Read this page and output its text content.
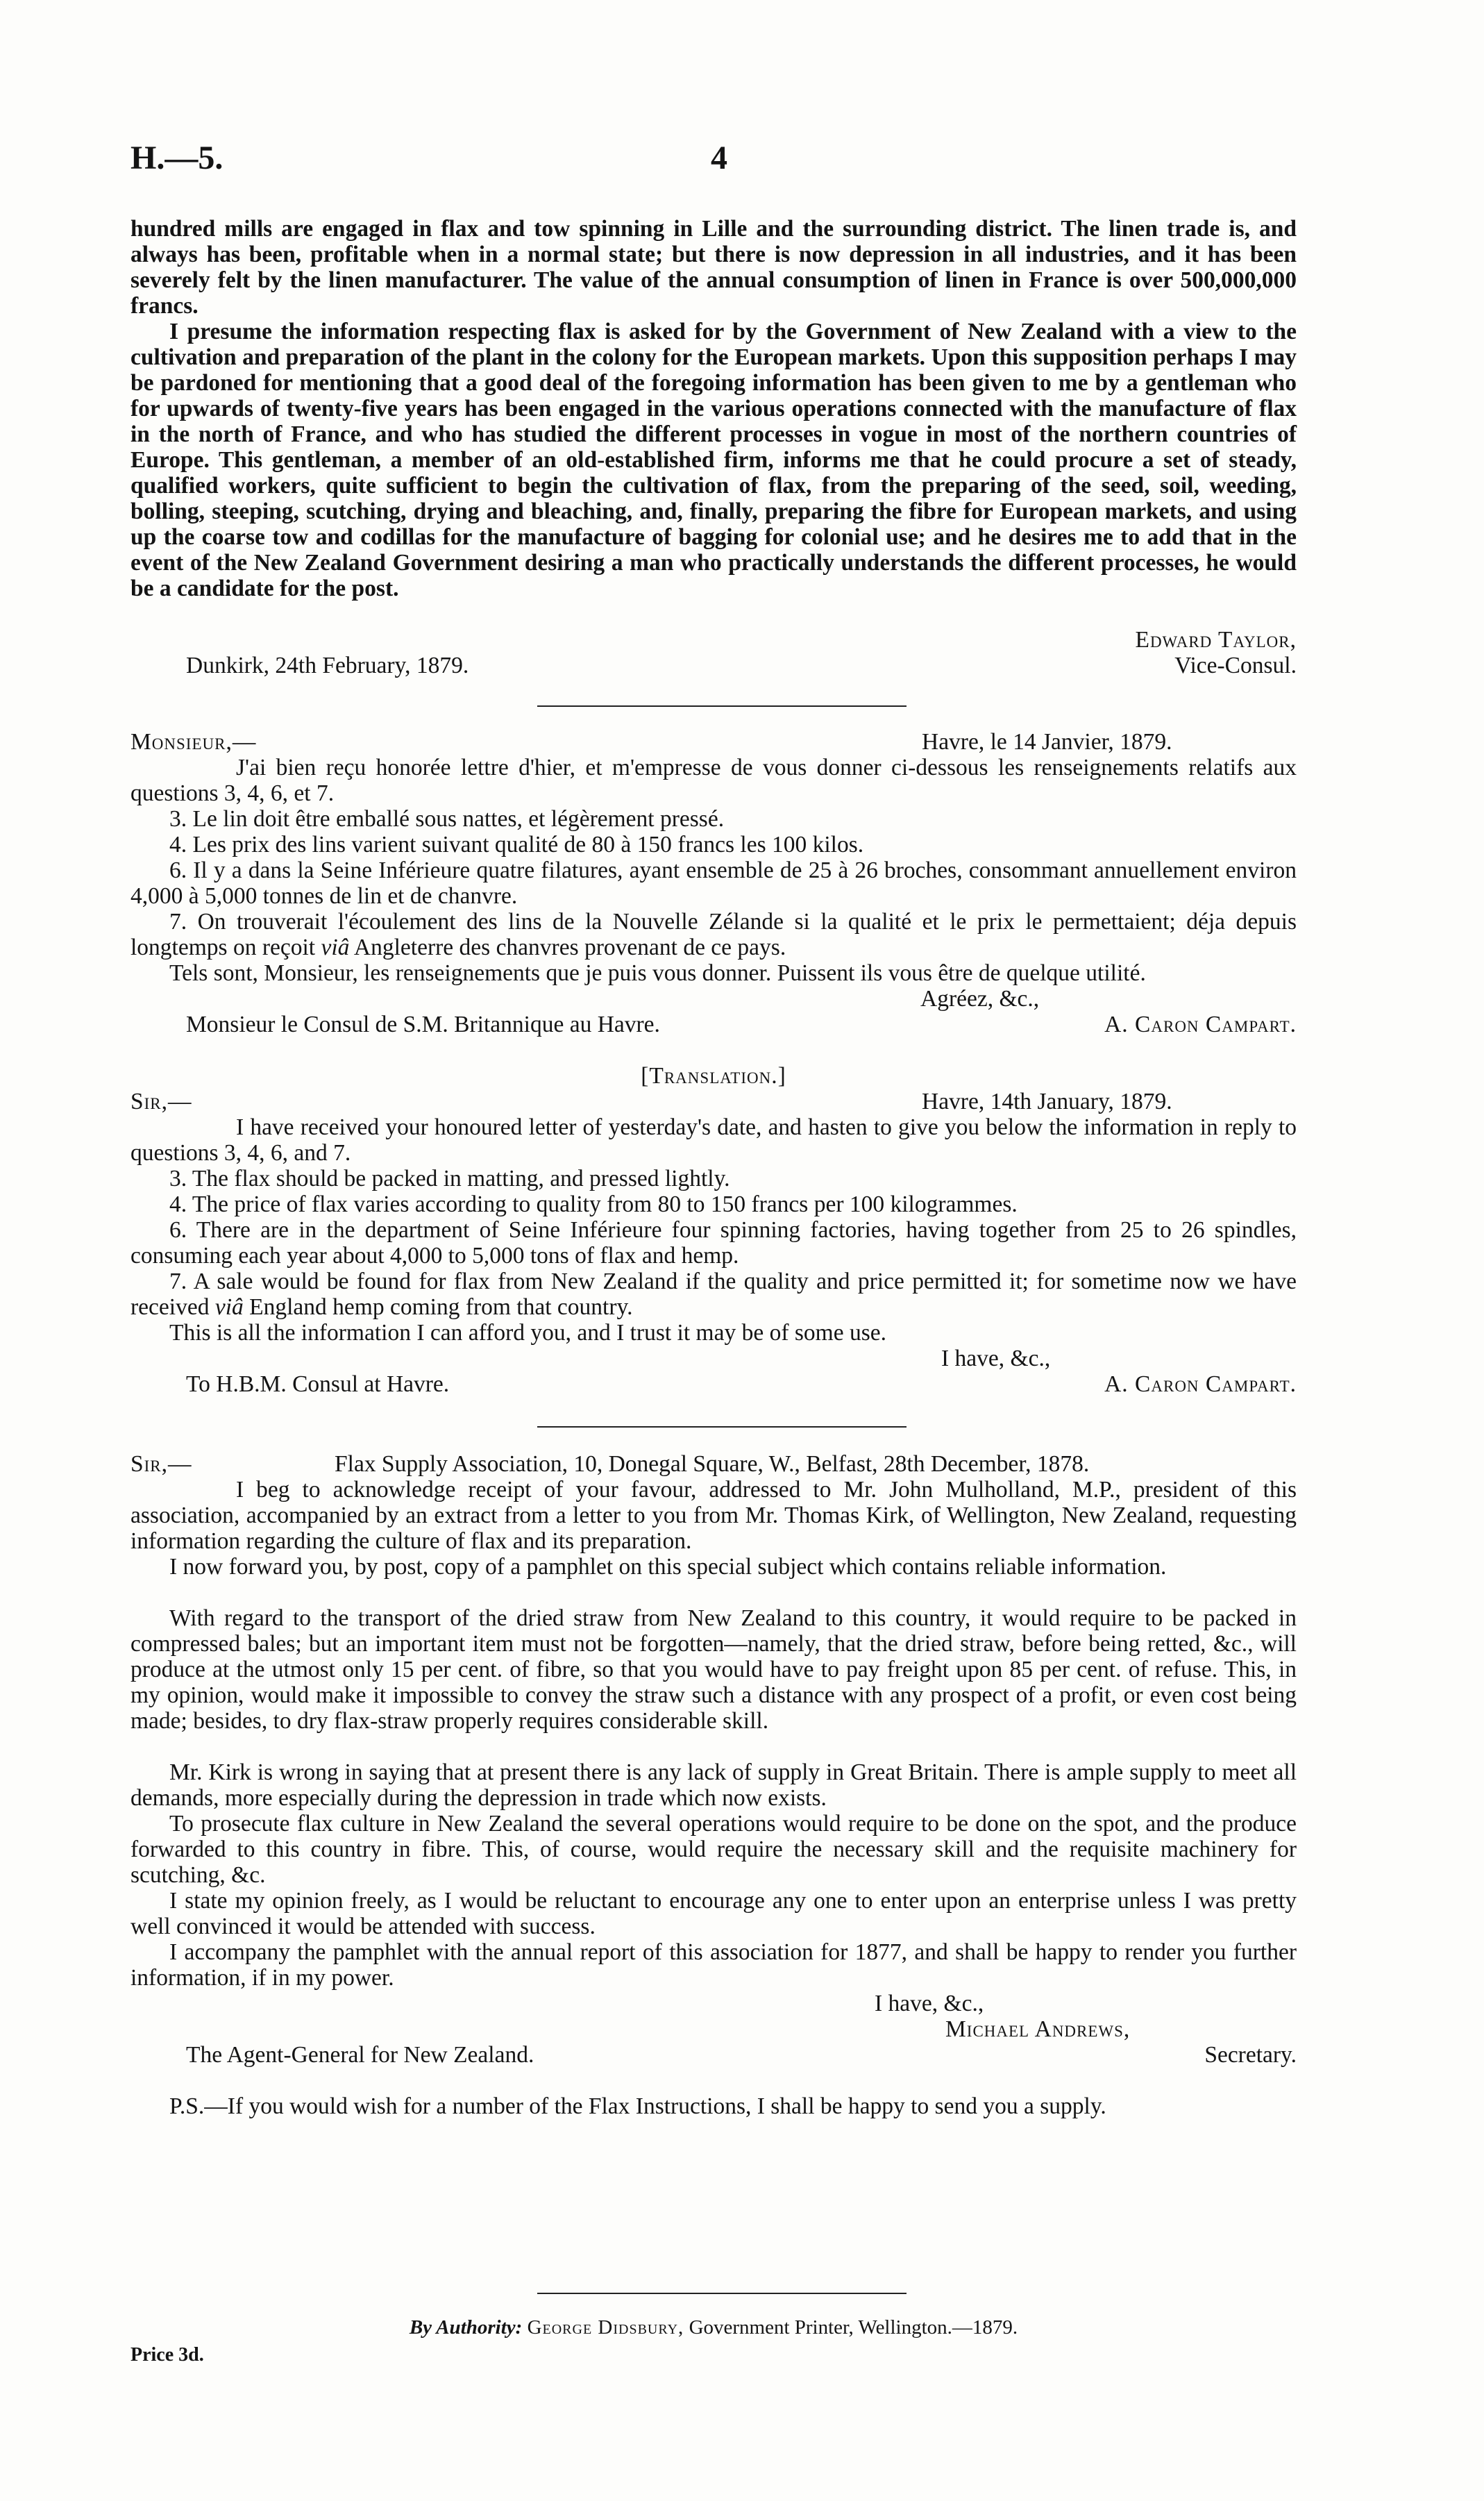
H.—5.	4
hundred mills are engaged in flax and tow spinning in Lille and the surrounding district. The linen trade is, and always has been, profitable when in a normal state; but there is now depression in all industries, and it has been severely felt by the linen manufacturer. The value of the annual consumption of linen in France is over 500,000,000 francs.
I presume the information respecting flax is asked for by the Government of New Zealand with a view to the cultivation and preparation of the plant in the colony for the European markets. Upon this supposition perhaps I may be pardoned for mentioning that a good deal of the foregoing information has been given to me by a gentleman who for upwards of twenty-five years has been engaged in the various operations connected with the manufacture of flax in the north of France, and who has studied the different processes in vogue in most of the northern countries of Europe. This gentleman, a member of an old-established firm, informs me that he could procure a set of steady, qualified workers, quite sufficient to begin the cultivation of flax, from the preparing of the seed, soil, weeding, bolling, steeping, scutching, drying and bleaching, and, finally, preparing the fibre for European markets, and using up the coarse tow and codillas for the manufacture of bagging for colonial use; and he desires me to add that in the event of the New Zealand Government desiring a man who practically understands the different processes, he would be a candidate for the post.
Edward Taylor,
Dunkirk, 24th February, 1879.	Vice-Consul.
Monsieur,—	Havre, le 14 Janvier, 1879.
J'ai bien reçu honorée lettre d'hier, et m'empresse de vous donner ci-dessous les renseignements relatifs aux questions 3, 4, 6, et 7.
3. Le lin doit être emballé sous nattes, et légèrement pressé.
4. Les prix des lins varient suivant qualité de 80 à 150 francs les 100 kilos.
6. Il y a dans la Seine Inférieure quatre filatures, ayant ensemble de 25 à 26 broches, consommant annuellement environ 4,000 à 5,000 tonnes de lin et de chanvre.
7. On trouverait l'écoulement des lins de la Nouvelle Zélande si la qualité et le prix le permettaient; déja depuis longtemps on reçoit viâ Angleterre des chanvres provenant de ce pays.
Tels sont, Monsieur, les renseignements que je puis vous donner. Puissent ils vous être de quelque utilité.
Agréez, &c.,
Monsieur le Consul de S.M. Britannique au Havre.	A. Caron Campart.
[Translation.]
Sir,—	Havre, 14th January, 1879.
I have received your honoured letter of yesterday's date, and hasten to give you below the information in reply to questions 3, 4, 6, and 7.
3. The flax should be packed in matting, and pressed lightly.
4. The price of flax varies according to quality from 80 to 150 francs per 100 kilogrammes.
6. There are in the department of Seine Inférieure four spinning factories, having together from 25 to 26 spindles, consuming each year about 4,000 to 5,000 tons of flax and hemp.
7. A sale would be found for flax from New Zealand if the quality and price permitted it; for sometime now we have received viâ England hemp coming from that country.
This is all the information I can afford you, and I trust it may be of some use.
I have, &c.,
To H.B.M. Consul at Havre.	A. Caron Campart.
Sir,—	Flax Supply Association, 10, Donegal Square, W., Belfast, 28th December, 1878.
I beg to acknowledge receipt of your favour, addressed to Mr. John Mulholland, M.P., president of this association, accompanied by an extract from a letter to you from Mr. Thomas Kirk, of Wellington, New Zealand, requesting information regarding the culture of flax and its preparation.
I now forward you, by post, copy of a pamphlet on this special subject which contains reliable information.
With regard to the transport of the dried straw from New Zealand to this country, it would require to be packed in compressed bales; but an important item must not be forgotten—namely, that the dried straw, before being retted, &c., will produce at the utmost only 15 per cent. of fibre, so that you would have to pay freight upon 85 per cent. of refuse. This, in my opinion, would make it impossible to convey the straw such a distance with any prospect of a profit, or even cost being made; besides, to dry flax-straw properly requires considerable skill.
Mr. Kirk is wrong in saying that at present there is any lack of supply in Great Britain. There is ample supply to meet all demands, more especially during the depression in trade which now exists.
To prosecute flax culture in New Zealand the several operations would require to be done on the spot, and the produce forwarded to this country in fibre. This, of course, would require the necessary skill and the requisite machinery for scutching, &c.
I state my opinion freely, as I would be reluctant to encourage any one to enter upon an enterprise unless I was pretty well convinced it would be attended with success.
I accompany the pamphlet with the annual report of this association for 1877, and shall be happy to render you further information, if in my power.
I have, &c.,
Michael Andrews,
The Agent-General for New Zealand.	Secretary.
P.S.—If you would wish for a number of the Flax Instructions, I shall be happy to send you a supply.
By Authority: George Didsbury, Government Printer, Wellington.—1879.
Price 3d.
